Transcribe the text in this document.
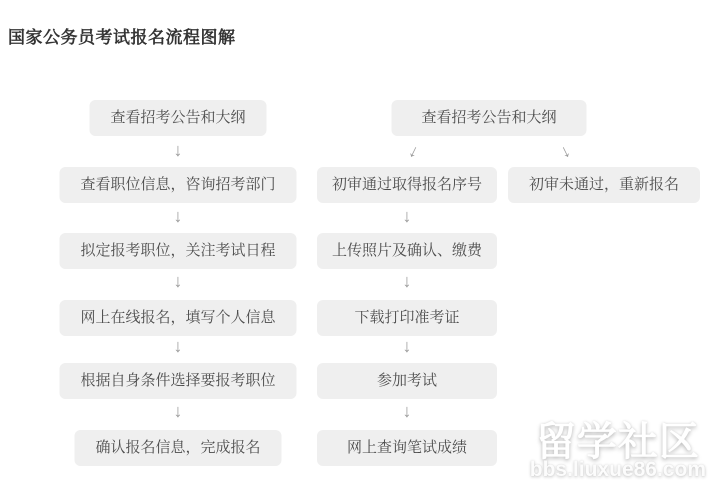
国家公务员考试报名流程图解
查看招考公告和大纲
查看职位信息，咨询招考部门
拟定报考职位，关注考试日程
网上在线报名，填写个人信息
根据自身条件选择要报考职位
确认报名信息，完成报名
↓
↓
↓
↓
↓
查看招考公告和大纲
↓	↓
初审未通过，重新报名
初审通过取得报名序号
上传照片及确认、缴费
下载打印准考证
参加考试
网上查询笔试成绩
↓
↓
↓
↓
留学社区
bbs.liuxue86.com
